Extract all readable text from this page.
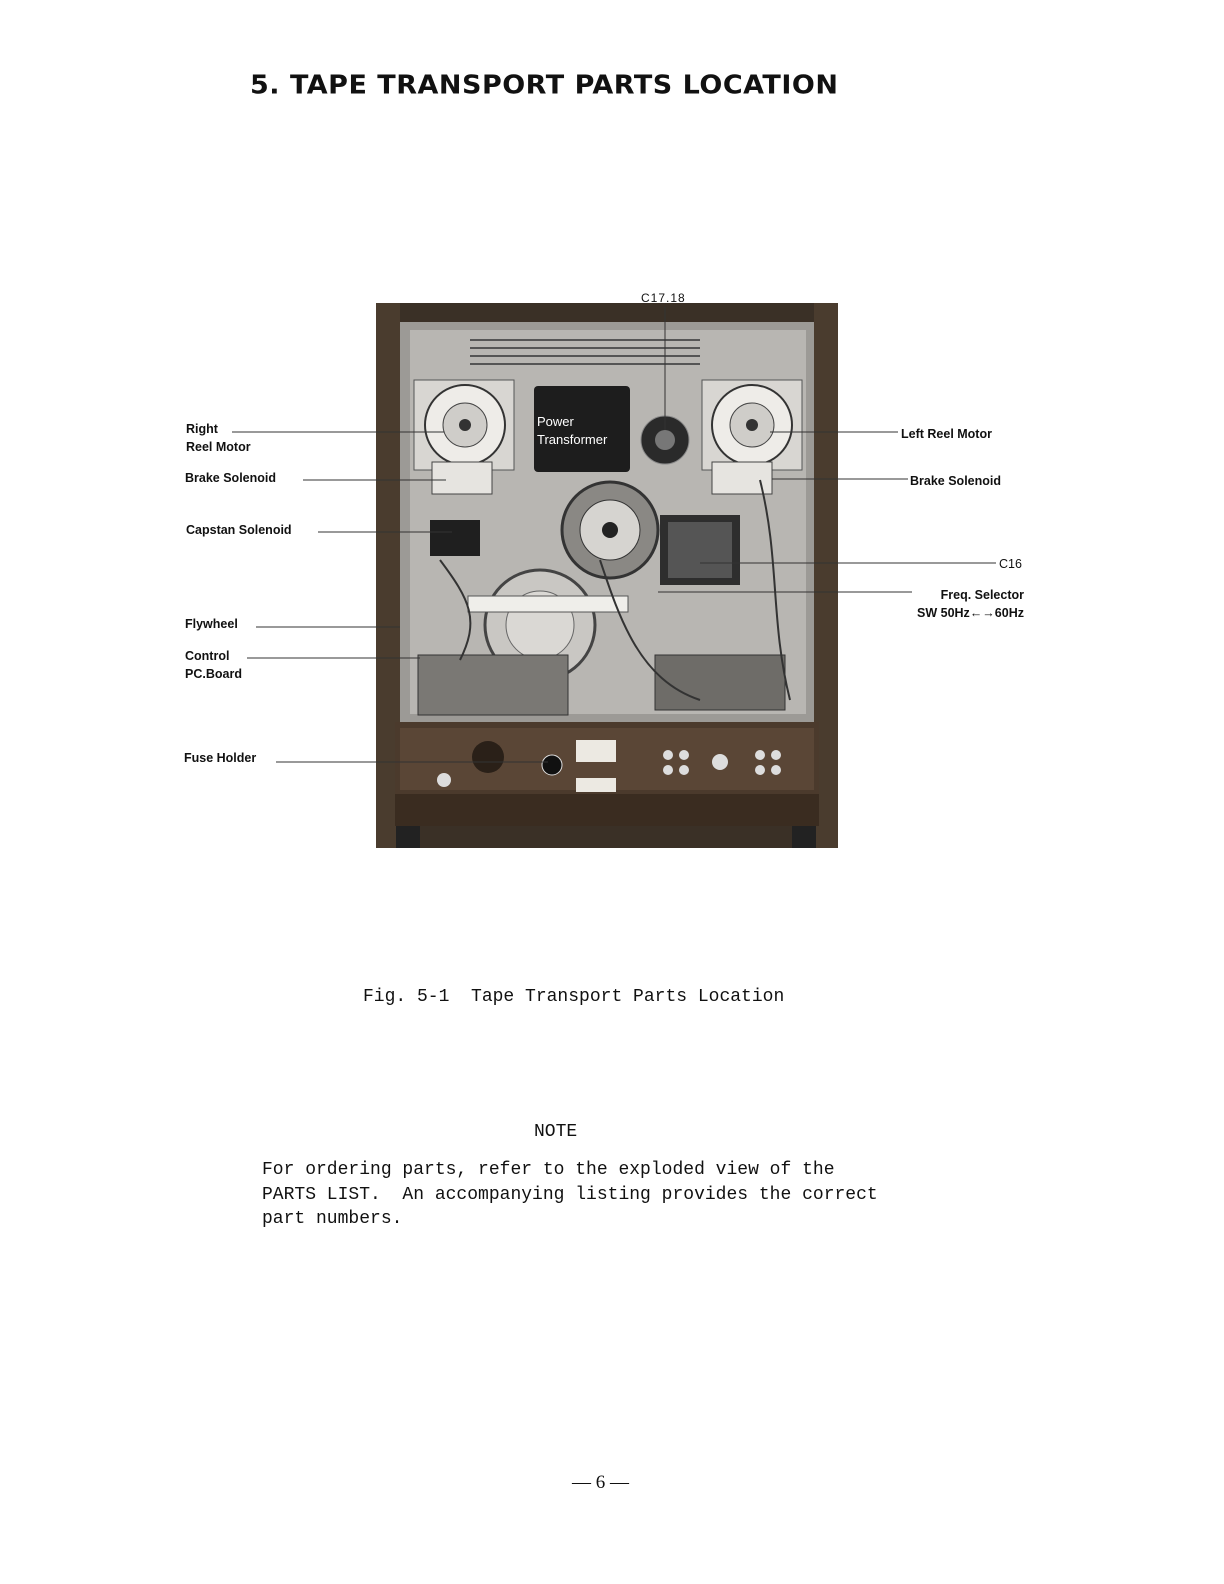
5. TAPE TRANSPORT PARTS LOCATION
Power
Transformer
C17.18
Right
Reel Motor
Brake Solenoid
Capstan Solenoid
Flywheel
Control
PC.Board
Fuse Holder
Left Reel Motor
Brake Solenoid
C16
Freq. Selector
SW 50Hz←→60Hz
Fig. 5-1  Tape Transport Parts Location
NOTE
For ordering parts, refer to the exploded view of the
PARTS LIST.  An accompanying listing provides the correct
part numbers.
— 6 —
